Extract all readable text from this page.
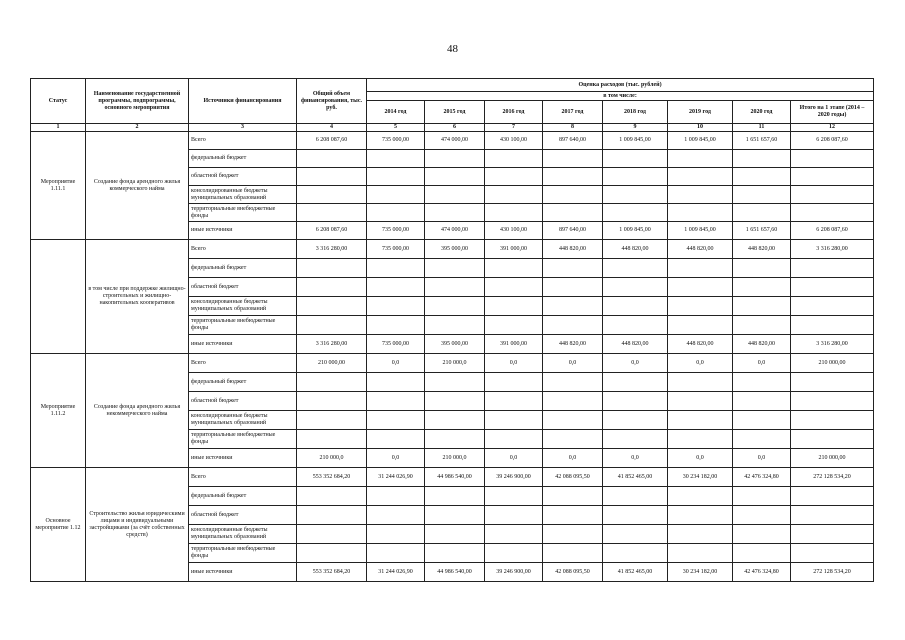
48
Статус	Наименование государственной программы, подпрограммы, основного мероприятия	Источники финансирования	Общий объем финансирования, тыс. руб.	Оценка расходов (тыс. рублей)							
				в том числе:							
				2014 год	2015 год	2016 год	2017 год	2018 год	2019 год	2020 год	Итого на 1 этапе (2014 – 2020 годы)
1	2	3	4	5	6	7	8	9	10	11	12
Мероприятие 1.11.1	Создание фонда арендного жилья коммерческого найма	Всего	6 208 087,60	735 000,00	474 000,00	430 100,00	897 640,00	1 009 845,00	1 009 845,00	1 651 657,60	6 208 087,60
		федеральный бюджет									
		областной бюджет									
		консолидированные бюджеты муниципальных образований									
		территориальные внебюджетные фонды									
		иные источники	6 208 087,60	735 000,00	474 000,00	430 100,00	897 640,00	1 009 845,00	1 009 845,00	1 651 657,60	6 208 087,60
	в том числе при поддержке жилищно-строительных и жилищно-накопительных кооперативов	Всего	3 316 280,00	735 000,00	395 000,00	391 000,00	448 820,00	448 820,00	448 820,00	448 820,00	3 316 280,00
		федеральный бюджет									
		областной бюджет									
		консолидированные бюджеты муниципальных образований									
		территориальные внебюджетные фонды									
		иные источники	3 316 280,00	735 000,00	395 000,00	391 000,00	448 820,00	448 820,00	448 820,00	448 820,00	3 316 280,00
Мероприятие 1.11.2	Создание фонда арендного жилья некоммерческого найма	Всего	210 000,00	0,0	210 000,0	0,0	0,0	0,0	0,0	0,0	210 000,00
		федеральный бюджет									
		областной бюджет									
		консолидированные бюджеты муниципальных образований									
		территориальные внебюджетные фонды									
		иные источники	210 000,0	0,0	210 000,0	0,0	0,0	0,0	0,0	0,0	210 000,00
Основное мероприятие 1.12	Строительство жилья юридическими лицами и индивидуальными застройщиками (за счёт собственных средств)	Всего	553 352 684,20	31 244 026,90	44 986 540,00	39 246 900,00	42 088 095,50	41 852 465,00	30 234 182,00	42 476 324,80	272 128 534,20
		федеральный бюджет									
		областной бюджет									
		консолидированные бюджеты муниципальных образований									
		территориальные внебюджетные фонды									
		иные источники	553 352 684,20	31 244 026,90	44 986 540,00	39 246 900,00	42 088 095,50	41 852 465,00	30 234 182,00	42 476 324,80	272 128 534,20
